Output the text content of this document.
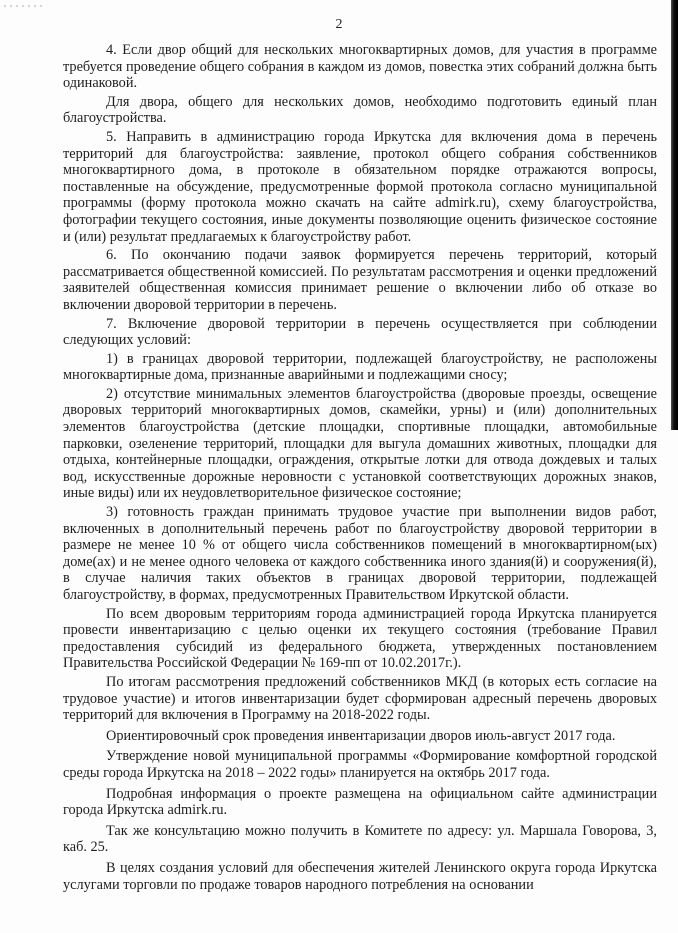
2

4. Если двор общий для нескольких многоквартирных домов, для участия в программе требуется проведение общего собрания в каждом из домов, повестка этих собраний должна быть одинаковой.

Для двора, общего для нескольких домов, необходимо подготовить единый план благоустройства.

5. Направить в администрацию города Иркутска для включения дома в перечень территорий для благоустройства: заявление, протокол общего собрания собственников многоквартирного дома, в протоколе в обязательном порядке отражаются вопросы, поставленные на обсуждение, предусмотренные формой протокола согласно муниципальной программы (форму протокола можно скачать на сайте admirk.ru), схему благоустройства, фотографии текущего состояния, иные документы позволяющие оценить физическое состояние и (или) результат предлагаемых к благоустройству работ.

6. По окончанию подачи заявок формируется перечень территорий, который рассматривается общественной комиссией. По результатам рассмотрения и оценки предложений заявителей общественная комиссия принимает решение о включении либо об отказе во включении дворовой территории в перечень.

7. Включение дворовой территории в перечень осуществляется при соблюдении следующих условий:

1) в границах дворовой территории, подлежащей благоустройству, не расположены многоквартирные дома, признанные аварийными и подлежащими сносу;

2) отсутствие минимальных элементов благоустройства (дворовые проезды, освещение дворовых территорий многоквартирных домов, скамейки, урны) и (или) дополнительных элементов благоустройства (детские площадки, спортивные площадки, автомобильные парковки, озеленение территорий, площадки для выгула домашних животных, площадки для отдыха, контейнерные площадки, ограждения, открытые лотки для отвода дождевых и талых вод, искусственные дорожные неровности с установкой соответствующих дорожных знаков, иные виды) или их неудовлетворительное физическое состояние;

3) готовность граждан принимать трудовое участие при выполнении видов работ, включенных в дополнительный перечень работ по благоустройству дворовой территории в размере не менее 10 % от общего числа собственников помещений в многоквартирном(ых) доме(ах) и не менее одного человека от каждого собственника иного здания(й) и сооружения(й), в случае наличия таких объектов в границах дворовой территории, подлежащей благоустройству, в формах, предусмотренных Правительством Иркутской области.

По всем дворовым территориям города администрацией города Иркутска планируется провести инвентаризацию с целью оценки их текущего состояния (требование Правил предоставления субсидий из федерального бюджета, утвержденных постановлением Правительства Российской Федерации № 169-пп от 10.02.2017г.).

По итогам рассмотрения предложений собственников МКД (в которых есть согласие на трудовое участие) и итогов инвентаризации будет сформирован адресный перечень дворовых территорий для включения в Программу на 2018-2022 годы.

Ориентировочный срок проведения инвентаризации дворов июль-август 2017 года.

Утверждение новой муниципальной программы «Формирование комфортной городской среды города Иркутска на 2018 – 2022 годы» планируется на октябрь 2017 года.

Подробная информация о проекте размещена на официальном сайте администрации города Иркутска admirk.ru.

Так же консультацию можно получить в Комитете по адресу: ул. Маршала Говорова, 3, каб. 25.

В целях создания условий для обеспечения жителей Ленинского округа города Иркутска услугами торговли по продаже товаров народного потребления на основании
